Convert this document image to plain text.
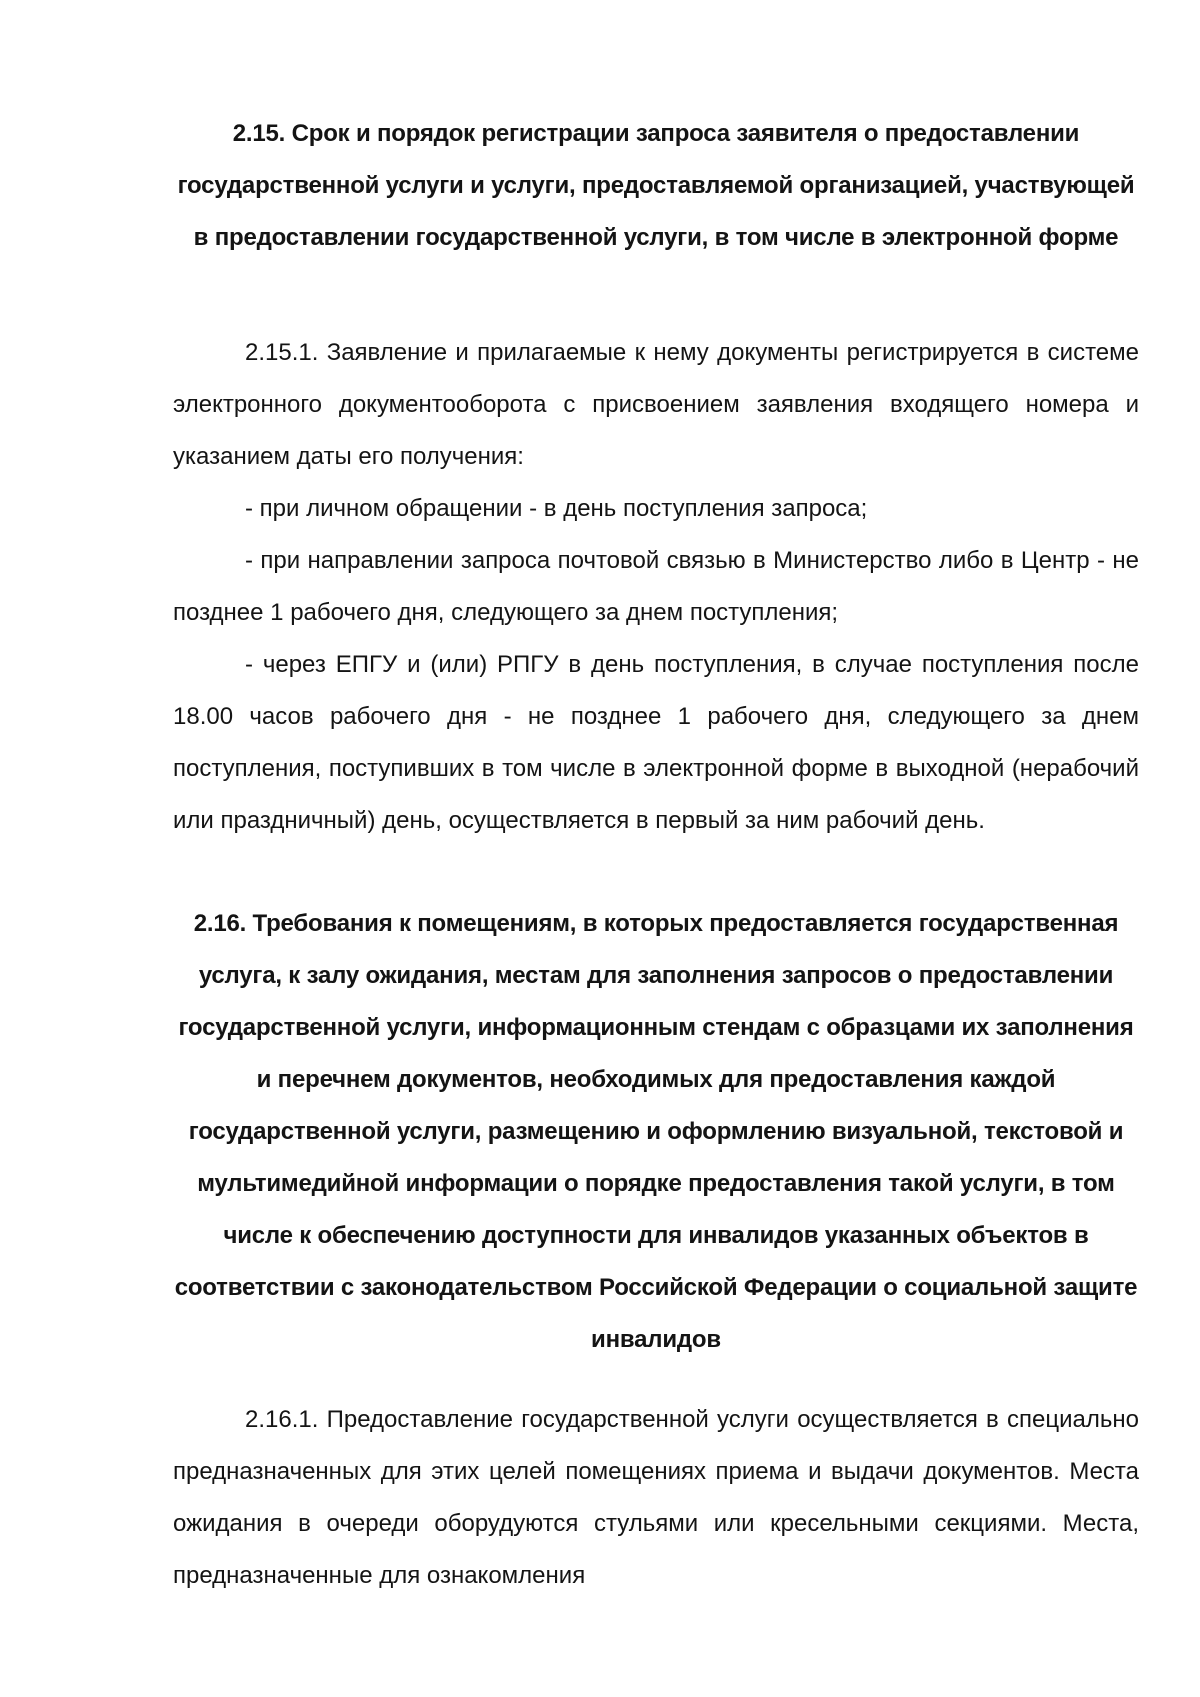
2.15. Срок и порядок регистрации запроса заявителя о предоставлении государственной услуги и услуги, предоставляемой организацией, участвующей в предоставлении государственной услуги, в том числе в электронной форме

2.15.1. Заявление и прилагаемые к нему документы регистрируется в системе электронного документооборота с присвоением заявления входящего номера и указанием даты его получения:

- при личном обращении - в день поступления запроса;

- при направлении запроса почтовой связью в Министерство либо в Центр - не позднее 1 рабочего дня, следующего за днем поступления;

- через ЕПГУ и (или) РПГУ в день поступления, в случае поступления после 18.00 часов рабочего дня - не позднее 1 рабочего дня, следующего за днем поступления, поступивших в том числе в электронной форме в выходной (нерабочий или праздничный) день, осуществляется в первый за ним рабочий день.

2.16. Требования к помещениям, в которых предоставляется государственная услуга, к залу ожидания, местам для заполнения запросов о предоставлении государственной услуги, информационным стендам с образцами их заполнения и перечнем документов, необходимых для предоставления каждой государственной услуги, размещению и оформлению визуальной, текстовой и мультимедийной информации о порядке предоставления такой услуги, в том числе к обеспечению доступности для инвалидов указанных объектов в соответствии с законодательством Российской Федерации о социальной защите инвалидов

2.16.1. Предоставление государственной услуги осуществляется в специально предназначенных для этих целей помещениях приема и выдачи документов. Места ожидания в очереди оборудуются стульями или кресельными секциями. Места, предназначенные для ознакомления
